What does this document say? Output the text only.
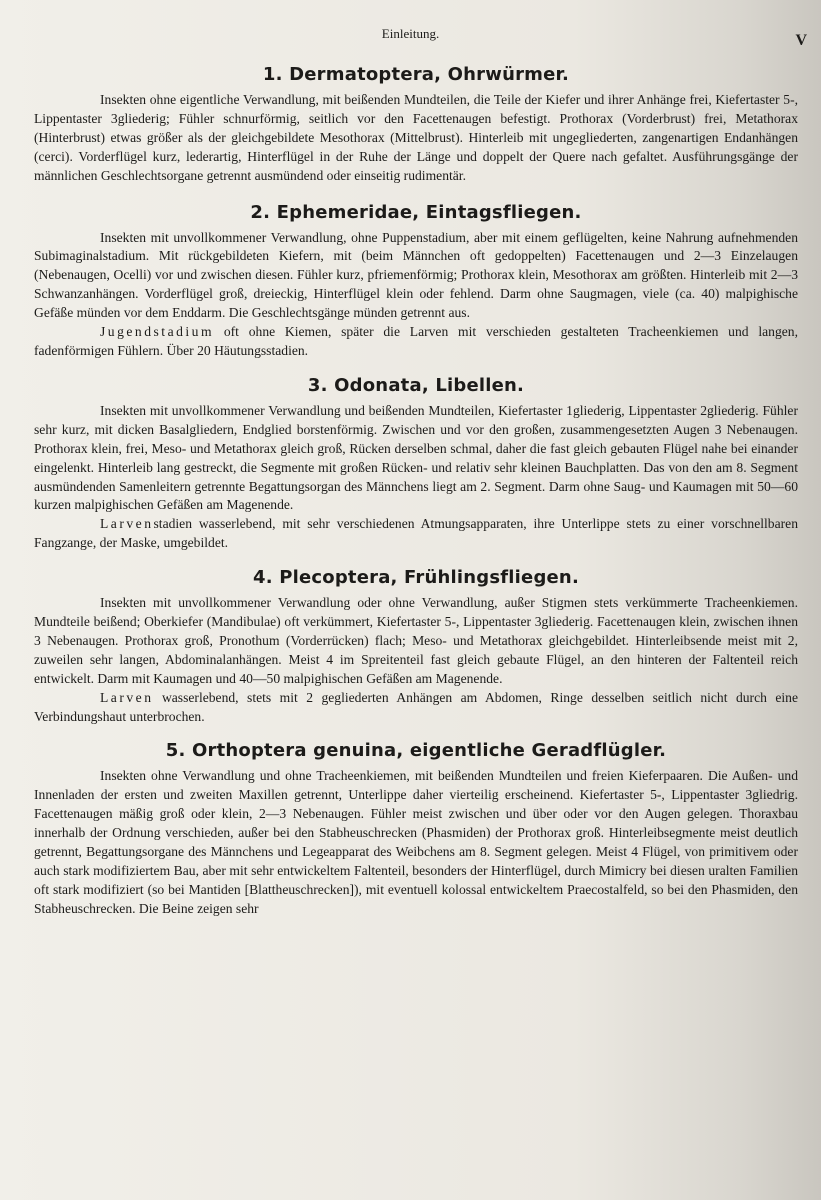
Einleitung.	V
1. Dermatoptera, Ohrwürmer.

Insekten ohne eigentliche Verwandlung, mit beißenden Mundteilen, die Teile der Kiefer und ihrer Anhänge frei, Kiefertaster 5-, Lippentaster 3gliederig; Fühler schnurförmig, seitlich vor den Facettenaugen befestigt. Prothorax (Vorderbrust) frei, Metathorax (Hinterbrust) etwas größer als der gleichgebildete Mesothorax (Mittelbrust). Hinterleib mit ungegliederten, zangenartigen Endanhängen (cerci). Vorderflügel kurz, lederartig, Hinterflügel in der Ruhe der Länge und doppelt der Quere nach gefaltet. Ausführungsgänge der männlichen Geschlechtsorgane getrennt ausmündend oder einseitig rudimentär.

2. Ephemeridae, Eintagsfliegen.

Insekten mit unvollkommener Verwandlung, ohne Puppenstadium, aber mit einem geflügelten, keine Nahrung aufnehmenden Subimaginalstadium. Mit rückgebildeten Kiefern, mit (beim Männchen oft gedoppelten) Facettenaugen und 2—3 Einzelaugen (Nebenaugen, Ocelli) vor und zwischen diesen. Fühler kurz, pfriemenförmig; Prothorax klein, Mesothorax am größten. Hinterleib mit 2—3 Schwanzanhängen. Vorderflügel groß, dreieckig, Hinterflügel klein oder fehlend. Darm ohne Saugmagen, viele (ca. 40) malpighische Gefäße münden vor dem Enddarm. Die Geschlechtsgänge münden getrennt aus.

Jugendstadium oft ohne Kiemen, später die Larven mit verschieden gestalteten Tracheenkiemen und langen, fadenförmigen Fühlern. Über 20 Häutungsstadien.

3. Odonata, Libellen.

Insekten mit unvollkommener Verwandlung und beißenden Mundteilen, Kiefertaster 1gliederig, Lippentaster 2gliederig. Fühler sehr kurz, mit dicken Basalgliedern, Endglied borstenförmig. Zwischen und vor den großen, zusammengesetzten Augen 3 Nebenaugen. Prothorax klein, frei, Meso- und Metathorax gleich groß, Rücken derselben schmal, daher die fast gleich gebauten Flügel nahe bei einander eingelenkt. Hinterleib lang gestreckt, die Segmente mit großen Rücken- und relativ sehr kleinen Bauchplatten. Das von den am 8. Segment ausmündenden Samenleitern getrennte Begattungsorgan des Männchens liegt am 2. Segment. Darm ohne Saug- und Kaumagen mit 50—60 kurzen malpighischen Gefäßen am Magenende.

Larvenstadien wasserlebend, mit sehr verschiedenen Atmungsapparaten, ihre Unterlippe stets zu einer vorschnellbaren Fangzange, der Maske, umgebildet.

4. Plecoptera, Frühlingsfliegen.

Insekten mit unvollkommener Verwandlung oder ohne Verwandlung, außer Stigmen stets verkümmerte Tracheenkiemen. Mundteile beißend; Oberkiefer (Mandibulae) oft verkümmert, Kiefertaster 5-, Lippentaster 3gliederig. Facettenaugen klein, zwischen ihnen 3 Nebenaugen. Prothorax groß, Pronothum (Vorderrücken) flach; Meso- und Metathorax gleichgebildet. Hinterleibsende meist mit 2, zuweilen sehr langen, Abdominalanhängen. Meist 4 im Spreitenteil fast gleich gebaute Flügel, an den hinteren der Faltenteil reich entwickelt. Darm mit Kaumagen und 40—50 malpighischen Gefäßen am Magenende.

Larven wasserlebend, stets mit 2 gegliederten Anhängen am Abdomen, Ringe desselben seitlich nicht durch eine Verbindungshaut unterbrochen.

5. Orthoptera genuina, eigentliche Geradflügler.

Insekten ohne Verwandlung und ohne Tracheenkiemen, mit beißenden Mundteilen und freien Kieferpaaren. Die Außen- und Innenladen der ersten und zweiten Maxillen getrennt, Unterlippe daher vierteilig erscheinend. Kiefertaster 5-, Lippentaster 3gliedrig. Facettenaugen mäßig groß oder klein, 2—3 Nebenaugen. Fühler meist zwischen und über oder vor den Augen gelegen. Thoraxbau innerhalb der Ordnung verschieden, außer bei den Stabheuschrecken (Phasmiden) der Prothorax groß. Hinterleibsegmente meist deutlich getrennt, Begattungsorgane des Männchens und Legeapparat des Weibchens am 8. Segment gelegen. Meist 4 Flügel, von primitivem oder auch stark modifiziertem Bau, aber mit sehr entwickeltem Faltenteil, besonders der Hinterflügel, durch Mimicry bei diesen uralten Familien oft stark modifiziert (so bei Mantiden [Blattheuschrecken]), mit eventuell kolossal entwickeltem Praecostalfeld, so bei den Phasmiden, den Stabheuschrecken. Die Beine zeigen sehr
